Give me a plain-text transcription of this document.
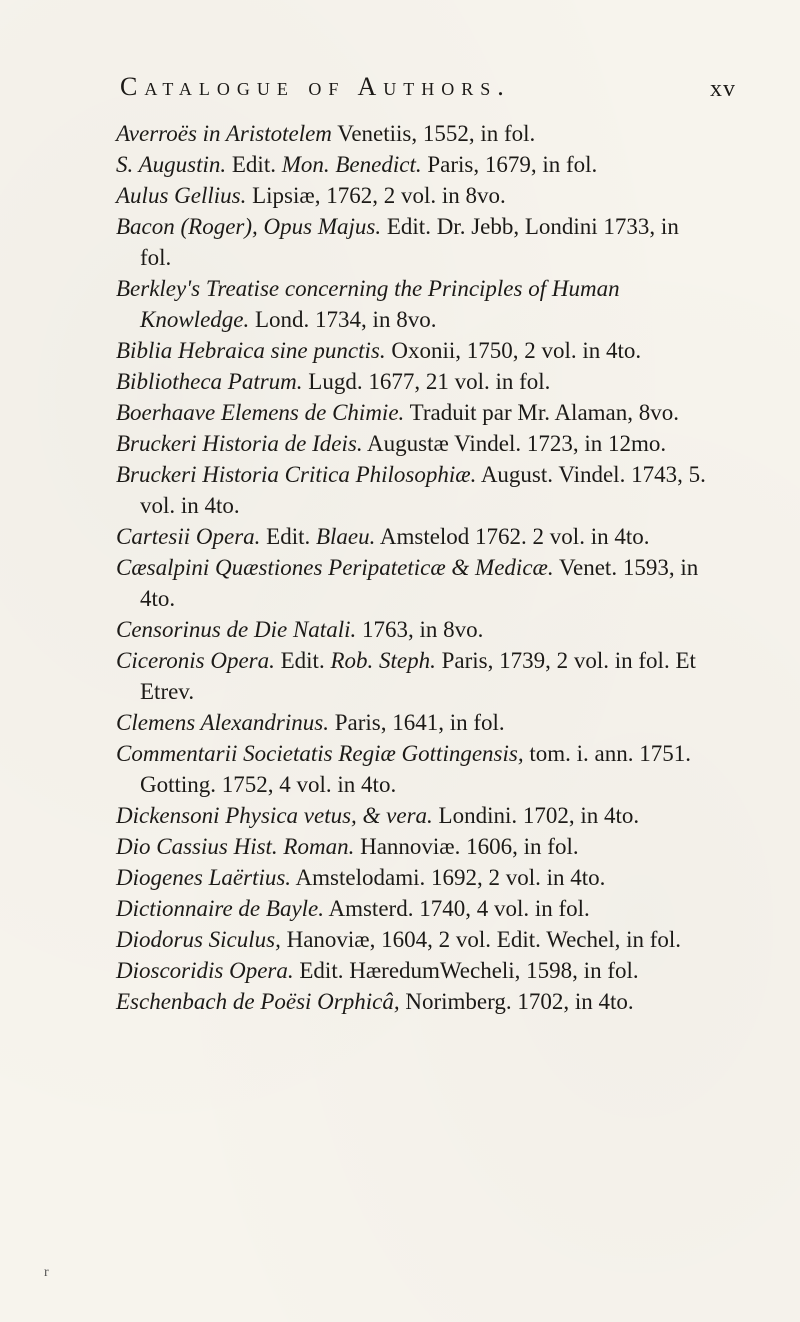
Catalogue of Authors.	xv

Averroës in Aristotelem Venetiis, 1552, in fol.

S. Augustin. Edit. Mon. Benedict. Paris, 1679, in fol.

Aulus Gellius. Lipsiæ, 1762, 2 vol. in 8vo.

Bacon (Roger), Opus Majus. Edit. Dr. Jebb, Londini 1733, in fol.

Berkley's Treatise concerning the Principles of Human Knowledge. Lond. 1734, in 8vo.

Biblia Hebraica sine punctis. Oxonii, 1750, 2 vol. in 4to.

Bibliotheca Patrum. Lugd. 1677, 21 vol. in fol.

Boerhaave Elemens de Chimie. Traduit par Mr. Alaman, 8vo.

Bruckeri Historia de Ideis. Augustæ Vindel. 1723, in 12mo.

Bruckeri Historia Critica Philosophiæ. August. Vindel. 1743, 5. vol. in 4to.

Cartesii Opera. Edit. Blaeu. Amstelod 1762. 2 vol. in 4to.

Cæsalpini Quæstiones Peripateticæ & Medicæ. Venet. 1593, in 4to.

Censorinus de Die Natali. 1763, in 8vo.

Ciceronis Opera. Edit. Rob. Steph. Paris, 1739, 2 vol. in fol. Et Etrev.

Clemens Alexandrinus. Paris, 1641, in fol.

Commentarii Societatis Regiæ Gottingensis, tom. i. ann. 1751. Gotting. 1752, 4 vol. in 4to.

Dickensoni Physica vetus, & vera. Londini. 1702, in 4to.

Dio Cassius Hist. Roman. Hannoviæ. 1606, in fol.

Diogenes Laërtius. Amstelodami. 1692, 2 vol. in 4to.

Dictionnaire de Bayle. Amsterd. 1740, 4 vol. in fol.

Diodorus Siculus, Hanoviæ, 1604, 2 vol. Edit. Wechel, in fol.

Dioscoridis Opera. Edit. HæredumWecheli, 1598, in fol.

Eschenbach de Poësi Orphicâ, Norimberg. 1702, in 4to.

r
